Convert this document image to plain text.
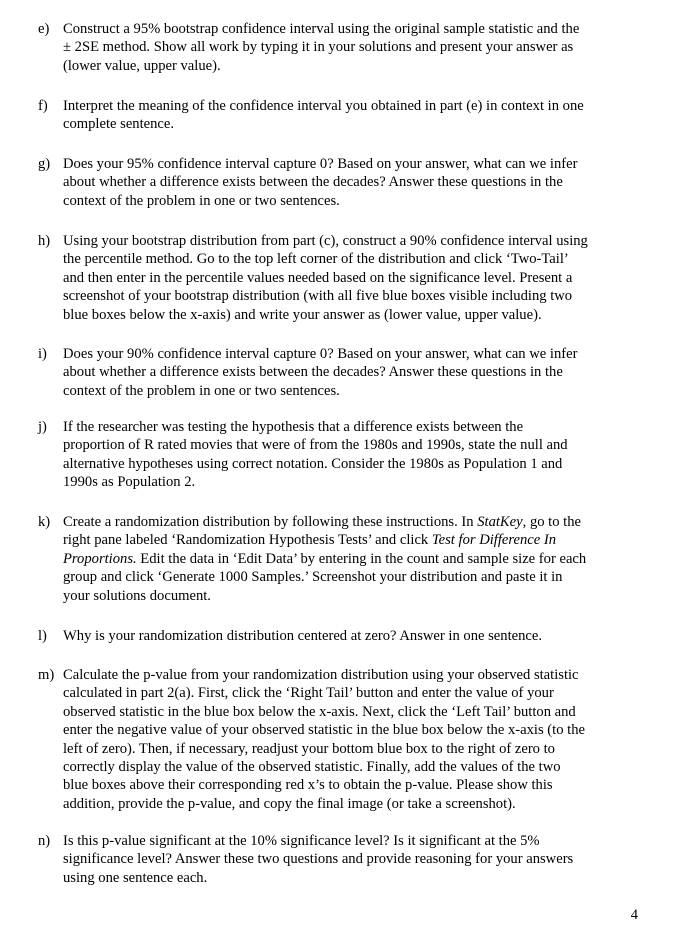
e) Construct a 95% bootstrap confidence interval using the original sample statistic and the
± 2SE method. Show all work by typing it in your solutions and present your answer as
(lower value, upper value).
f) Interpret the meaning of the confidence interval you obtained in part (e) in context in one
complete sentence.
g) Does your 95% confidence interval capture 0? Based on your answer, what can we infer
about whether a difference exists between the decades? Answer these questions in the
context of the problem in one or two sentences.
h) Using your bootstrap distribution from part (c), construct a 90% confidence interval using
the percentile method. Go to the top left corner of the distribution and click ‘Two-Tail’
and then enter in the percentile values needed based on the significance level. Present a
screenshot of your bootstrap distribution (with all five blue boxes visible including two
blue boxes below the x-axis) and write your answer as (lower value, upper value).
i) Does your 90% confidence interval capture 0? Based on your answer, what can we infer
about whether a difference exists between the decades? Answer these questions in the
context of the problem in one or two sentences.
j) If the researcher was testing the hypothesis that a difference exists between the
proportion of R rated movies that were of from the 1980s and 1990s, state the null and
alternative hypotheses using correct notation. Consider the 1980s as Population 1 and
1990s as Population 2.
k) Create a randomization distribution by following these instructions. In StatKey, go to the
right pane labeled ‘Randomization Hypothesis Tests’ and click Test for Difference In
Proportions. Edit the data in ‘Edit Data’ by entering in the count and sample size for each
group and click ‘Generate 1000 Samples.’ Screenshot your distribution and paste it in
your solutions document.
l) Why is your randomization distribution centered at zero? Answer in one sentence.
m) Calculate the p-value from your randomization distribution using your observed statistic
calculated in part 2(a). First, click the ‘Right Tail’ button and enter the value of your
observed statistic in the blue box below the x-axis. Next, click the ‘Left Tail’ button and
enter the negative value of your observed statistic in the blue box below the x-axis (to the
left of zero). Then, if necessary, readjust your bottom blue box to the right of zero to
correctly display the value of the observed statistic. Finally, add the values of the two
blue boxes above their corresponding red x’s to obtain the p-value. Please show this
addition, provide the p-value, and copy the final image (or take a screenshot).
n) Is this p-value significant at the 10% significance level? Is it significant at the 5%
significance level? Answer these two questions and provide reasoning for your answers
using one sentence each.
4
